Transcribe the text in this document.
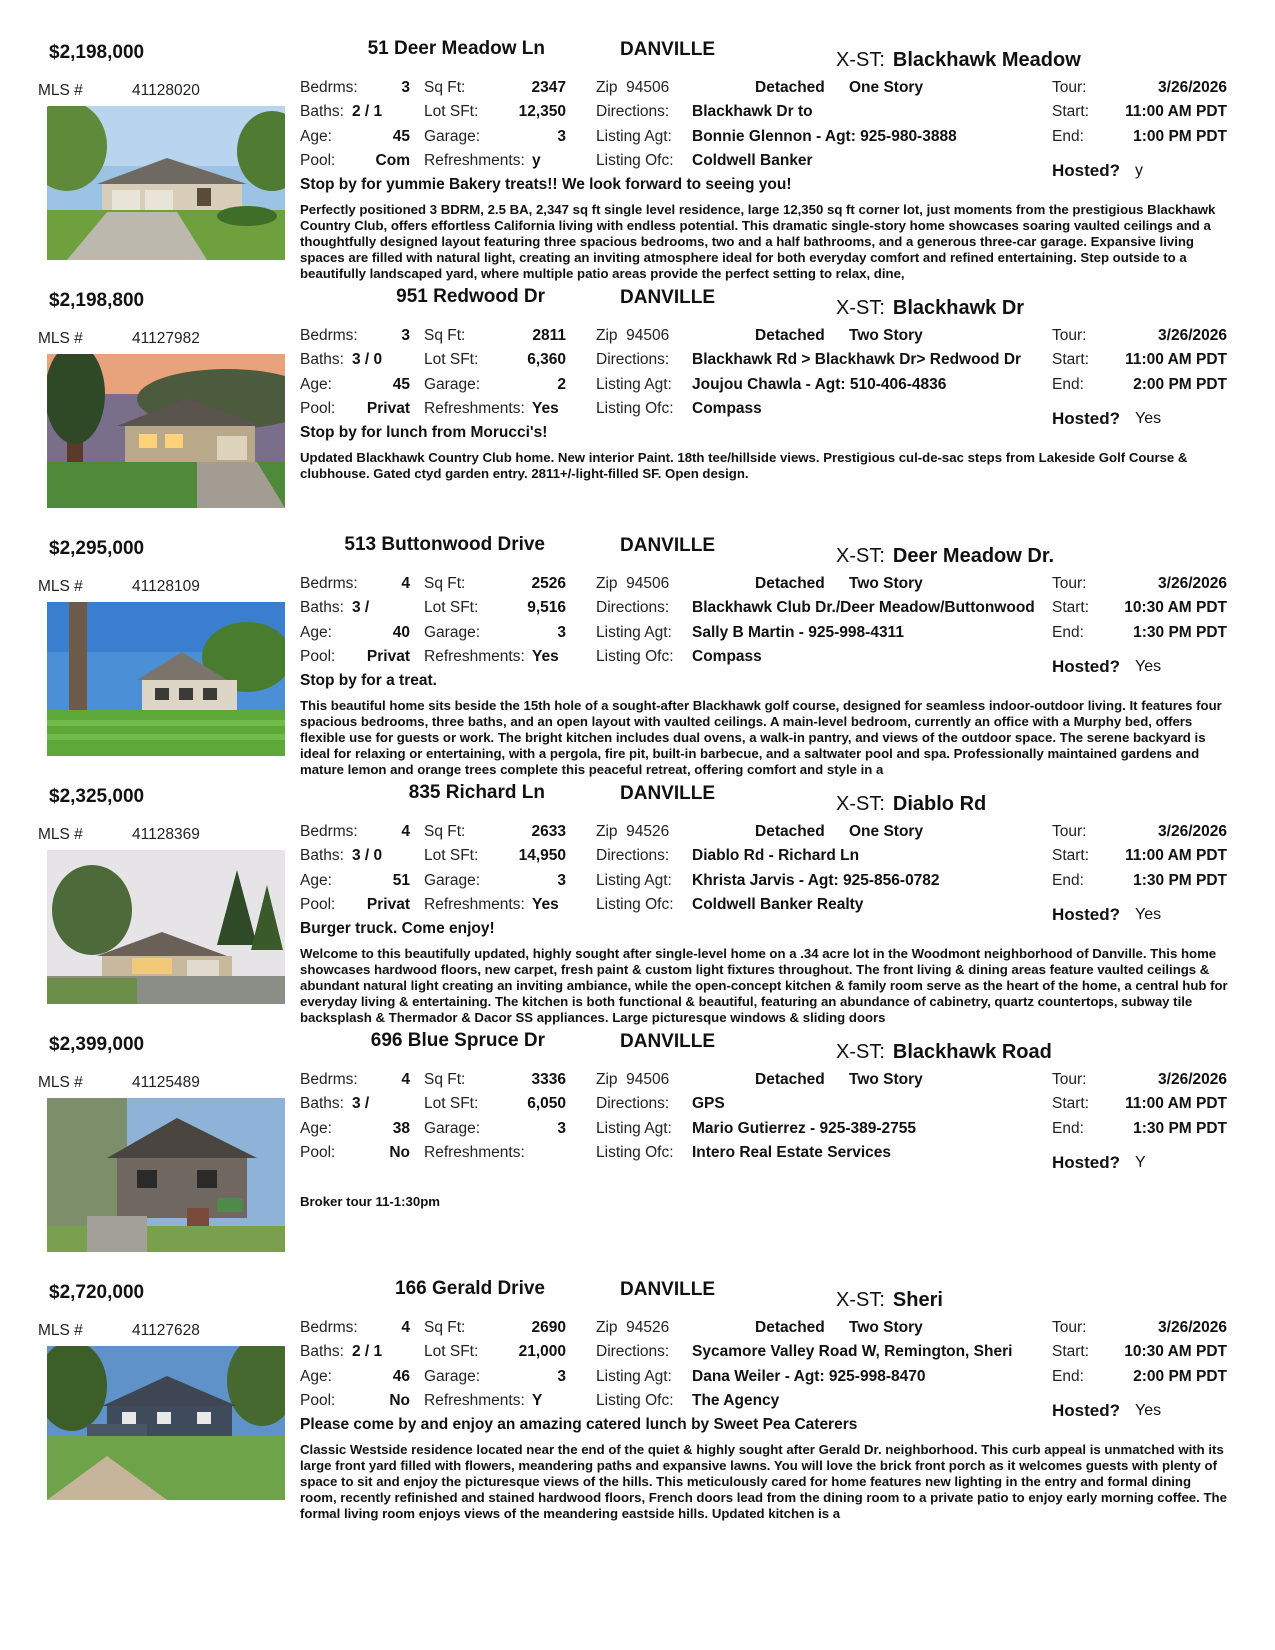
$2,198,000	51 Deer Meadow Ln	DANVILLE	X-ST: Blackhawk Meadow
MLS #	41128020	Bedrms:	3
Baths: 2 / 1
Age:	45
Pool:	Com
Sq Ft:	2347
Lot SFt:	12,350
Garage:	3
Refreshments: y
Zip 94506	Detached One Story
Directions: Blackhawk Dr to
Listing Agt: Bonnie Glennon - Agt: 925-980-3888
Listing Ofc: Coldwell Banker
Tour:	3/26/2026
Start:	11:00 AM PDT
End:	1:00 PM PDT
Hosted? y
Stop by for yummie Bakery treats!! We look forward to seeing you!
Perfectly positioned 3 BDRM, 2.5 BA, 2,347 sq ft single level residence, large 12,350 sq ft corner lot, just moments from the prestigious Blackhawk Country Club, offers effortless California living with endless potential. This dramatic single-story home showcases soaring vaulted ceilings and a thoughtfully designed layout featuring three spacious bedrooms, two and a half bathrooms, and a generous three-car garage. Expansive living spaces are filled with natural light, creating an inviting atmosphere ideal for both everyday comfort and refined entertaining. Step outside to a beautifully landscaped yard, where multiple patio areas provide the perfect setting to relax, dine,
$2,198,800	951 Redwood Dr	DANVILLE	X-ST: Blackhawk Dr
MLS #	41127982	Bedrms:	3
Baths: 3 / 0
Age:	45
Pool:	Privat
Sq Ft:	2811
Lot SFt:	6,360
Garage:	2
Refreshments: Yes
Zip 94506	Detached Two Story
Directions: Blackhawk Rd > Blackhawk Dr> Redwood Dr
Listing Agt: Joujou Chawla - Agt: 510-406-4836
Listing Ofc: Compass
Tour:	3/26/2026
Start:	11:00 AM PDT
End:	2:00 PM PDT
Hosted? Yes
Stop by for lunch from Morucci's!
Updated Blackhawk Country Club home. New interior Paint. 18th tee/hillside views. Prestigious cul-de-sac steps from Lakeside Golf Course & clubhouse. Gated ctyd garden entry. 2811+/-light-filled SF. Open design.
$2,295,000	513 Buttonwood Drive	DANVILLE	X-ST: Deer Meadow Dr.
MLS #	41128109	Bedrms:	4
Baths: 3 /
Age:	40
Pool:	Privat
Sq Ft:	2526
Lot SFt:	9,516
Garage:	3
Refreshments: Yes
Zip 94506	Detached Two Story
Directions: Blackhawk Club Dr./Deer Meadow/Buttonwood
Listing Agt: Sally B Martin - 925-998-4311
Listing Ofc: Compass
Tour:	3/26/2026
Start:	10:30 AM PDT
End:	1:30 PM PDT
Hosted? Yes
Stop by for a treat.
This beautiful home sits beside the 15th hole of a sought-after Blackhawk golf course, designed for seamless indoor-outdoor living. It features four spacious bedrooms, three baths, and an open layout with vaulted ceilings. A main-level bedroom, currently an office with a Murphy bed, offers flexible use for guests or work. The bright kitchen includes dual ovens, a walk-in pantry, and views of the outdoor space. The serene backyard is ideal for relaxing or entertaining, with a pergola, fire pit, built-in barbecue, and a saltwater pool and spa. Professionally maintained gardens and mature lemon and orange trees complete this peaceful retreat, offering comfort and style in a
$2,325,000	835 Richard Ln	DANVILLE	X-ST: Diablo Rd
MLS #	41128369	Bedrms:	4
Baths: 3 / 0
Age:	51
Pool:	Privat
Sq Ft:	2633
Lot SFt:	14,950
Garage:	3
Refreshments: Yes
Zip 94526	Detached One Story
Directions: Diablo Rd - Richard Ln
Listing Agt: Khrista Jarvis - Agt: 925-856-0782
Listing Ofc: Coldwell Banker Realty
Tour:	3/26/2026
Start:	11:00 AM PDT
End:	1:30 PM PDT
Hosted? Yes
Burger truck. Come enjoy!
Welcome to this beautifully updated, highly sought after single-level home on a .34 acre lot in the Woodmont neighborhood of Danville. This home showcases hardwood floors, new carpet, fresh paint & custom light fixtures throughout. The front living & dining areas feature vaulted ceilings & abundant natural light creating an inviting ambiance, while the open-concept kitchen & family room serve as the heart of the home, a central hub for everyday living & entertaining. The kitchen is both functional & beautiful, featuring an abundance of cabinetry, quartz countertops, subway tile backsplash & Thermador & Dacor SS appliances. Large picturesque windows & sliding doors
$2,399,000	696 Blue Spruce Dr	DANVILLE	X-ST: Blackhawk Road
MLS #	41125489	Bedrms:	4
Baths: 3 /
Age:	38
Pool:	No
Sq Ft:	3336
Lot SFt:	6,050
Garage:	3
Refreshments:
Zip 94506	Detached Two Story
Directions: GPS
Listing Agt: Mario Gutierrez - 925-389-2755
Listing Ofc: Intero Real Estate Services
Tour:	3/26/2026
Start:	11:00 AM PDT
End:	1:30 PM PDT
Hosted? Y
Broker tour 11-1:30pm
$2,720,000	166 Gerald Drive	DANVILLE	X-ST: Sheri
MLS #	41127628	Bedrms:	4
Baths: 2 / 1
Age:	46
Pool:	No
Sq Ft:	2690
Lot SFt:	21,000
Garage:	3
Refreshments: Y
Zip 94526	Detached Two Story
Directions: Sycamore Valley Road W, Remington, Sheri
Listing Agt: Dana Weiler - Agt: 925-998-8470
Listing Ofc: The Agency
Tour:	3/26/2026
Start:	10:30 AM PDT
End:	2:00 PM PDT
Hosted? Yes
Please come by and enjoy an amazing catered lunch by Sweet Pea Caterers
Classic Westside residence located near the end of the quiet & highly sought after Gerald Dr. neighborhood. This curb appeal is unmatched with its large front yard filled with flowers, meandering paths and expansive lawns. You will love the brick front porch as it welcomes guests with plenty of space to sit and enjoy the picturesque views of the hills. This meticulously cared for home features new lighting in the entry and formal dining room, recently refinished and stained hardwood floors, French doors lead from the dining room to a private patio to enjoy early morning coffee. The formal living room enjoys views of the meandering eastside hills. Updated kitchen is a
